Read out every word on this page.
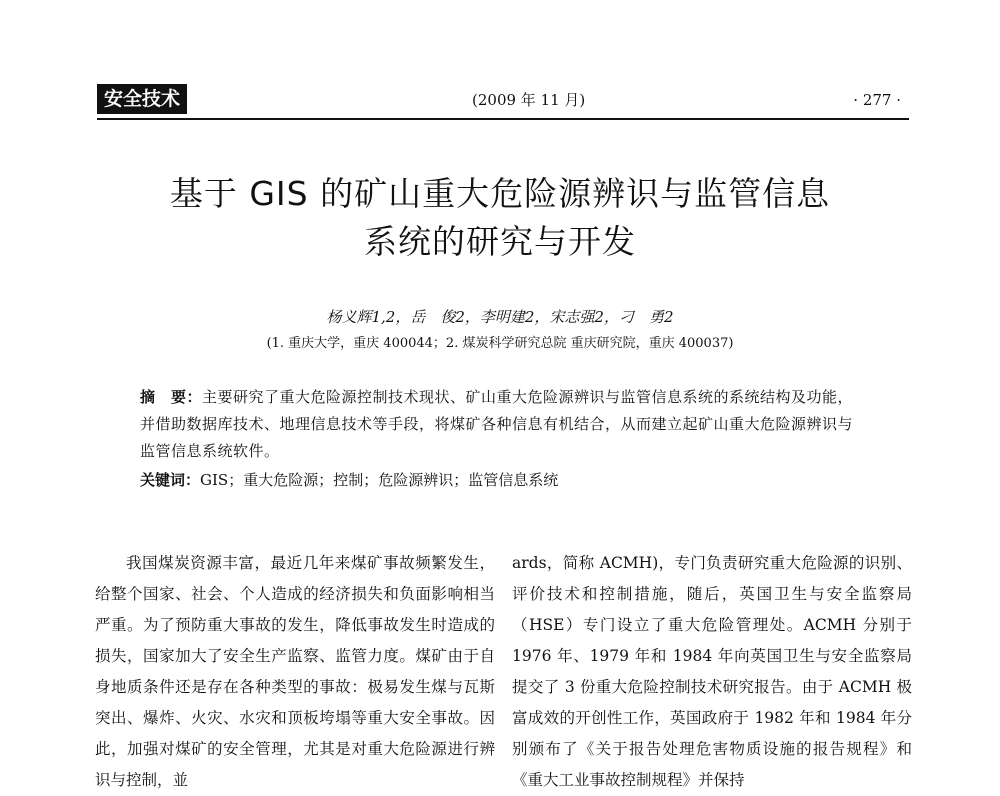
安全技术	(2009 年 11 月)	· 277 ·
基于 GIS 的矿山重大危险源辨识与监管信息
系统的研究与开发
杨义辉1,2，岳　俊2，李明建2，宋志强2，刁　勇2
(1. 重庆大学，重庆 400044；2. 煤炭科学研究总院 重庆研究院，重庆 400037)

摘　要：主要研究了重大危险源控制技术现状、矿山重大危险源辨识与监管信息系统的系统结构及功能，并借助数据库技术、地理信息技术等手段，将煤矿各种信息有机结合，从而建立起矿山重大危险源辨识与监管信息系统软件。

关键词：GIS；重大危险源；控制；危险源辨识；监管信息系统

我国煤炭资源丰富，最近几年来煤矿事故频繁发生，给整个国家、社会、个人造成的经济损失和负面影响相当严重。为了预防重大事故的发生，降低事故发生时造成的损失，国家加大了安全生产监察、监管力度。煤矿由于自身地质条件还是存在各种类型的事故：极易发生煤与瓦斯突出、爆炸、火灾、水灾和顶板垮塌等重大安全事故。因此，加强对煤矿的安全管理，尤其是对重大危险源进行辨识与控制，並

ards，简称 ACMH)，专门负责研究重大危险源的识别、评价技术和控制措施，随后，英国卫生与安全监察局（HSE）专门设立了重大危险管理处。ACMH 分别于 1976 年、1979 年和 1984 年向英国卫生与安全监察局提交了 3 份重大危险控制技术研究报告。由于 ACMH 极富成效的开创性工作，英国政府于 1982 年和 1984 年分别颁布了《关于报告处理危害物质设施的报告规程》和《重大工业事故控制规程》并保持
